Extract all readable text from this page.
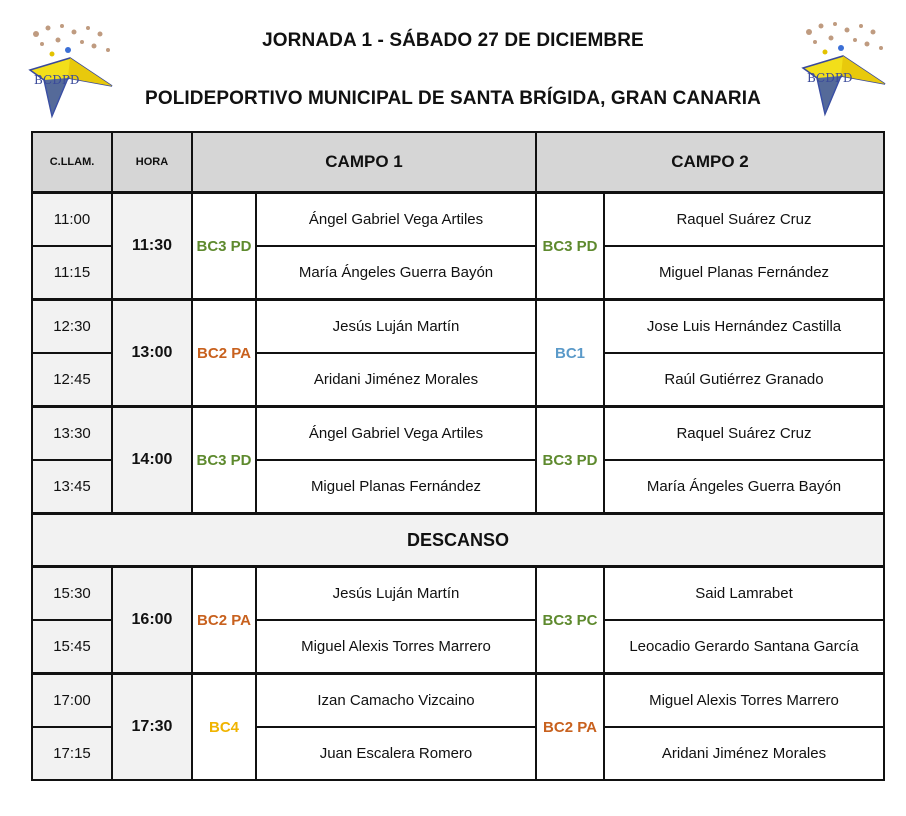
BCDPD	BCDPD
JORNADA 1 - SÁBADO 27 DE DICIEMBRE
POLIDEPORTIVO MUNICIPAL DE SANTA BRÍGIDA, GRAN CANARIA
C.LLAM.	HORA	CAMPO 1		CAMPO 2	
11:00	11:30	BC3 PD	Ángel Gabriel Vega Artiles	BC3 PD	Raquel Suárez Cruz
11:15			María Ángeles Guerra Bayón		Miguel Planas Fernández
12:30	13:00	BC2 PA	Jesús Luján Martín	BC1	Jose Luis Hernández Castilla
12:45			Aridani Jiménez Morales		Raúl Gutiérrez Granado
13:30	14:00	BC3 PD	Ángel Gabriel Vega Artiles	BC3 PD	Raquel Suárez Cruz
13:45			Miguel Planas Fernández		María Ángeles Guerra Bayón
DESCANSO					
15:30	16:00	BC2 PA	Jesús Luján Martín	BC3 PC	Said Lamrabet
15:45			Miguel Alexis Torres Marrero		Leocadio Gerardo Santana García
17:00	17:30	BC4	Izan Camacho Vizcaino	BC2 PA	Miguel Alexis Torres Marrero
17:15			Juan Escalera Romero		Aridani Jiménez Morales
